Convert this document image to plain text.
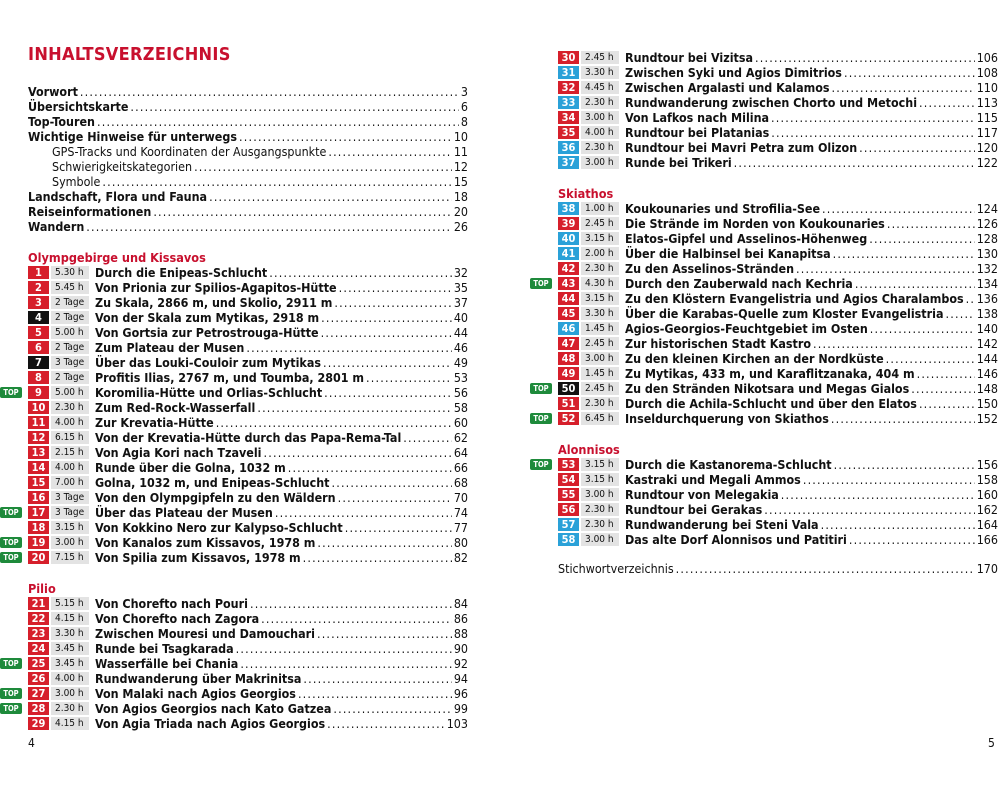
INHALTSVERZEICHNIS
Vorwort .....	3
Übersichtskarte .....	6
Top-Touren .....	8
Wichtige Hinweise für unterwegs .....	10
GPS-Tracks und Koordinaten der Ausgangspunkte .....	11
Schwierigkeitskategorien .....	12
Symbole .....	15
Landschaft, Flora und Fauna .....	18
Reiseinformationen .....	20
Wandern .....	26
Olympgebirge und Kissavos
1	5.30 h Durch die Enipeas-Schlucht .....	32
2	5.45 h Von Prionia zur Spilios-Agapitos-Hütte .....	35
3	2 Tage Zu Skala, 2866 m, und Skolio, 2911 m .....	37
4	2 Tage Von der Skala zum Mytikas, 2918 m .....	40
5	5.00 h Von Gortsia zur Petrostrouga-Hütte .....	44
6	2 Tage Zum Plateau der Musen .....	46
7	3 Tage Über das Louki-Couloir zum Mytikas .....	49
8	2 Tage Profitis Ilias, 2767 m, und Toumba, 2801 m .....	53
TOP	9	5.00 h Koromilia-Hütte und Orlias-Schlucht .....	56
10 2.30 h Zum Red-Rock-Wasserfall .....	58
11 4.00 h Zur Krevatia-Hütte .....	60
12 6.15 h Von der Krevatia-Hütte durch das Papa-Rema-Tal .....	62
13 2.15 h Von Agia Kori nach Tzaveli .....	64
14 4.00 h Runde über die Golna, 1032 m .....	66
15 7.00 h Golna, 1032 m, und Enipeas-Schlucht .....	68
16 3 Tage Von den Olympgipfeln zu den Wäldern .....	70
TOP	17 3 Tage Über das Plateau der Musen .....	74
18 3.15 h Von Kokkino Nero zur Kalypso-Schlucht .....	77
TOP	19 3.00 h Von Kanalos zum Kissavos, 1978 m .....	80
TOP	20 7.15 h Von Spilia zum Kissavos, 1978 m .....	82
Pilio
21 5.15 h Von Chorefto nach Pouri .....	84
22 4.15 h Von Chorefto nach Zagora .....	86
23 3.30 h Zwischen Mouresi und Damouchari .....	88
24 3.45 h Runde bei Tsagkarada .....	90
TOP	25 3.45 h Wasserfälle bei Chania .....	92
26 4.00 h Rundwanderung über Makrinitsa .....	94
TOP	27 3.00 h Von Malaki nach Agios Georgios .....	96
TOP	28 2.30 h Von Agios Georgios nach Kato Gatzea .....	99
29 4.15 h Von Agia Triada nach Agios Georgios .....	103
30 2.45 h Rundtour bei Vizitsa .....	106
31 3.30 h Zwischen Syki und Agios Dimitrios .....	108
32 4.45 h Zwischen Argalasti und Kalamos .....	110
33 2.30 h Rundwanderung zwischen Chorto und Metochi .....	113
34 3.00 h Von Lafkos nach Milina .....	115
35 4.00 h Rundtour bei Platanias .....	117
36 2.30 h Rundtour bei Mavri Petra zum Olizon .....	120
37 3.00 h Runde bei Trikeri .....	122
Skiathos
38 1.00 h Koukounaries und Strofilia-See .....	124
39 2.45 h Die Strände im Norden von Koukounaries .....	126
40 3.15 h Elatos-Gipfel und Asselinos-Höhenweg .....	128
41 2.00 h Über die Halbinsel bei Kanapitsa .....	130
42 2.30 h Zu den Asselinos-Stränden .....	132
TOP	43 4.30 h Durch den Zauberwald nach Kechria .....	134
44 3.15 h Zu den Klöstern Evangelistria und Agios Charalambos ..... 136
45 3.30 h Über die Karabas-Quelle zum Kloster Evangelistria .....	138
46 1.45 h Agios-Georgios-Feuchtgebiet im Osten .....	140
47 2.45 h Zur historischen Stadt Kastro .....	142
48 3.00 h Zu den kleinen Kirchen an der Nordküste .....	144
49 1.45 h Zu Mytikas, 433 m, und Karaflitzanaka, 404 m .....	146
TOP	50 2.45 h Zu den Stränden Nikotsara und Megas Gialos .....	148
51 2.30 h Durch die Achila-Schlucht und über den Elatos .....	150
TOP	52 6.45 h Inseldurchquerung von Skiathos .....	152
Alonnisos
TOP	53 3.15 h Durch die Kastanorema-Schlucht .....	156
54 3.15 h Kastraki und Megali Ammos .....	158
55 3.00 h Rundtour von Melegakia .....	160
56 2.30 h Rundtour bei Gerakas .....	162
57 2.30 h Rundwanderung bei Steni Vala .....	164
58 3.00 h Das alte Dorf Alonnisos und Patitiri .....	166
Stichwortverzeichnis .....	170
4	5
